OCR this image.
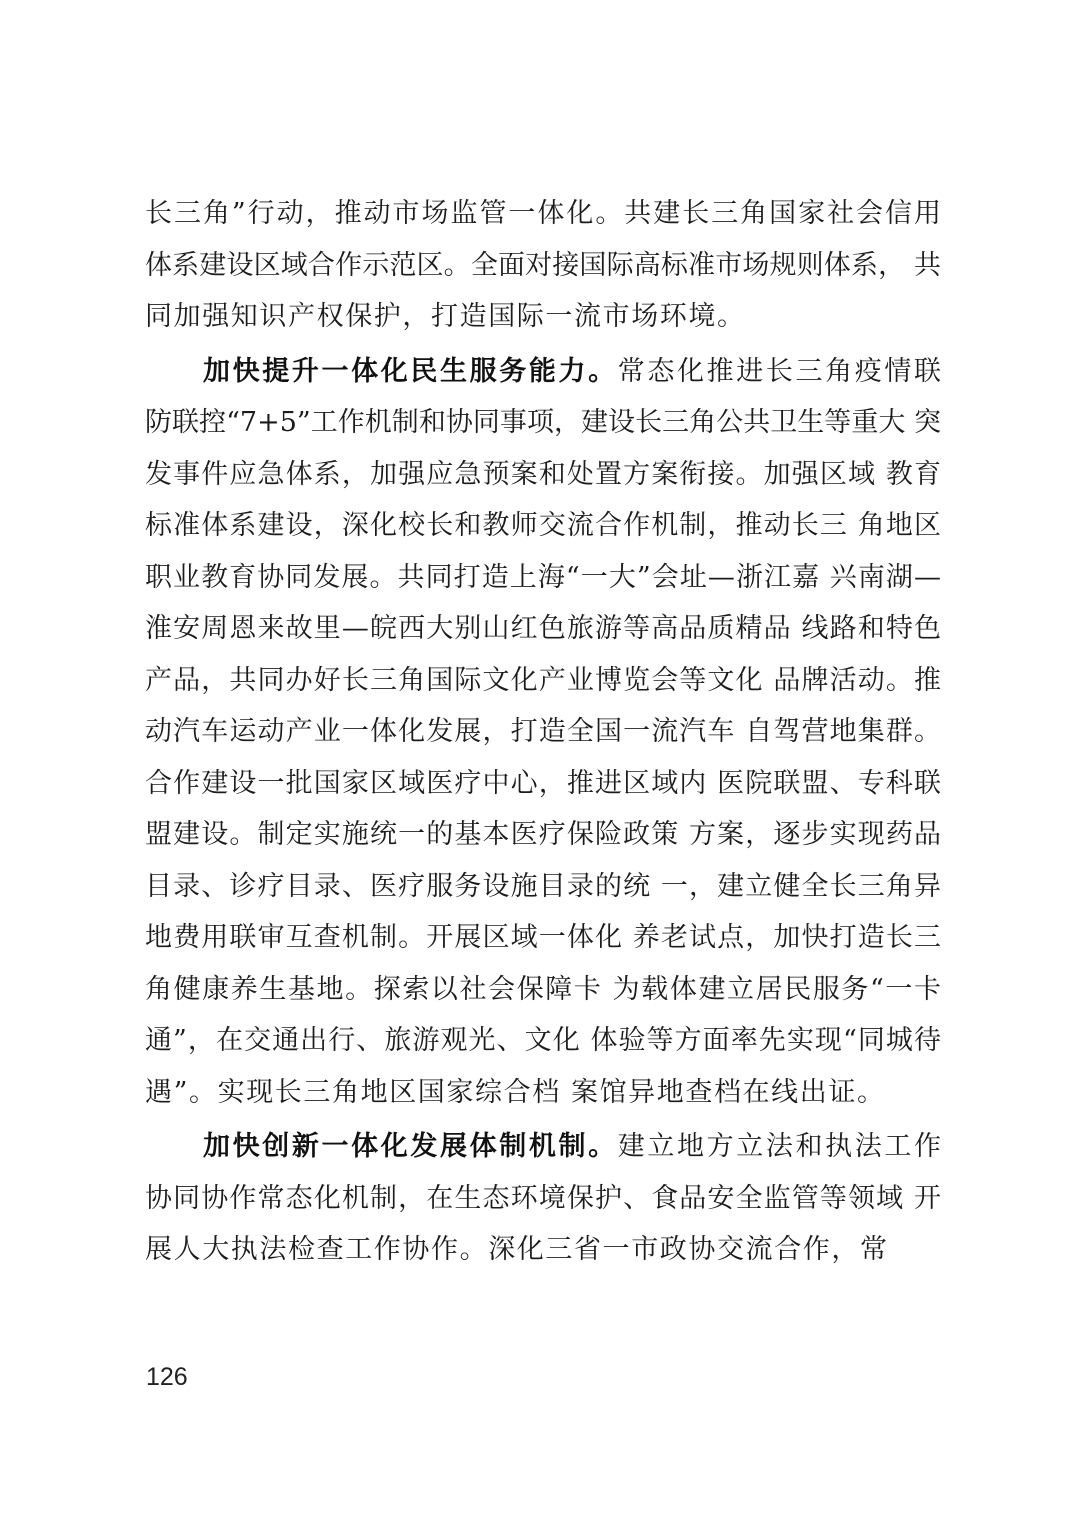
长三角”行动，推动市场监管一体化。共建长三角国家社会信用
体系建设区域合作示范区。全面对接国际高标准市场规则体系， 共
同加强知识产权保护，打造国际一流市场环境。
加快提升一体化民生服务能力。常态化推进长三角疫情联
防联控“7+5”工作机制和协同事项，建设长三角公共卫生等重大 突
发事件应急体系，加强应急预案和处置方案衔接。加强区域 教育
标准体系建设，深化校长和教师交流合作机制，推动长三 角地区
职业教育协同发展。共同打造上海“一大”会址—浙江嘉 兴南湖—
淮安周恩来故里—皖西大别山红色旅游等高品质精品 线路和特色
产品，共同办好长三角国际文化产业博览会等文化 品牌活动。推
动汽车运动产业一体化发展，打造全国一流汽车 自驾营地集群。
合作建设一批国家区域医疗中心，推进区域内 医院联盟、专科联
盟建设。制定实施统一的基本医疗保险政策 方案，逐步实现药品
目录、诊疗目录、医疗服务设施目录的统 一，建立健全长三角异
地费用联审互查机制。开展区域一体化 养老试点，加快打造长三
角健康养生基地。探索以社会保障卡 为载体建立居民服务“一卡
通”，在交通出行、旅游观光、文化 体验等方面率先实现“同城待
遇”。实现长三角地区国家综合档 案馆异地查档在线出证。
加快创新一体化发展体制机制。建立地方立法和执法工作
协同协作常态化机制，在生态环境保护、食品安全监管等领域 开
展人大执法检查工作协作。深化三省一市政协交流合作，常
126
